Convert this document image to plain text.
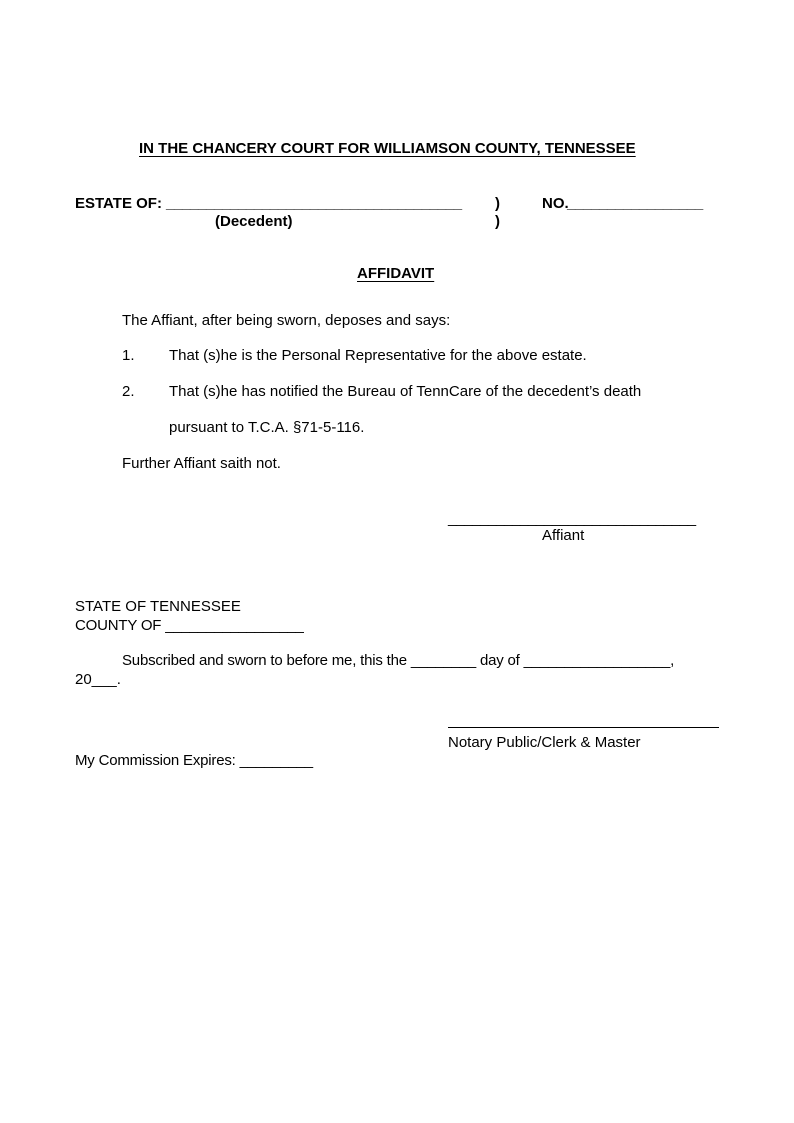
IN THE CHANCERY COURT FOR WILLIAMSON COUNTY, TENNESSEE
ESTATE OF: _____________________________________ )	NO.
_________________
(Decedent)	)
AFFIDAVIT
The Affiant, after being sworn, deposes and says:
1. That (s)he is the Personal Representative for the above estate.
2. That (s)he has notified the Bureau of TennCare of the decedent’s death
pursuant to T.C.A. §71-5-116.
Further Affiant saith not.
_______________________________
Affiant
STATE OF TENNESSEE
COUNTY OF _________________
Subscribed and sworn to before me, this the ________ day of __________________,
20___.
Notary Public/Clerk & Master
My Commission Expires: _________
